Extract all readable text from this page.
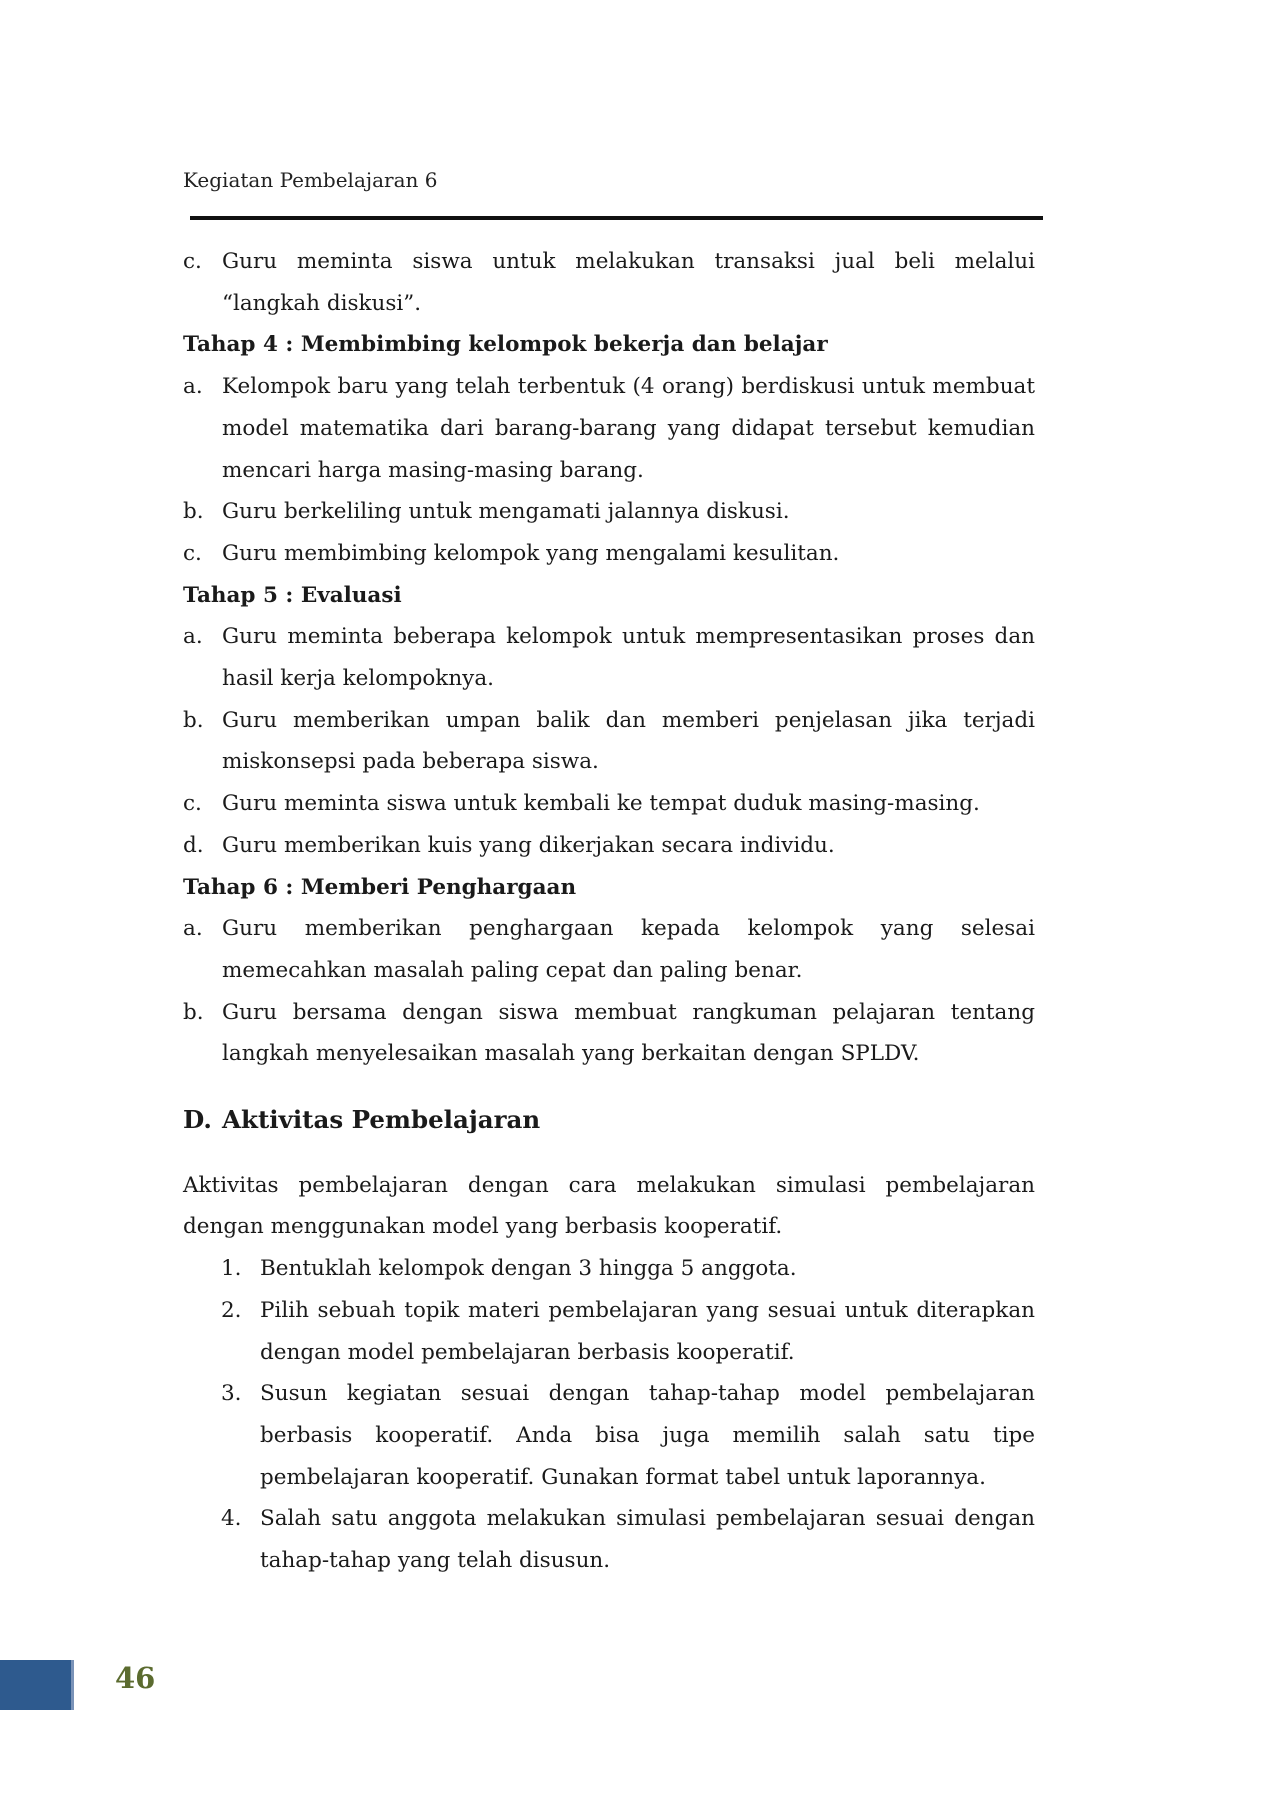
Kegiatan Pembelajaran 6
c. Guru meminta siswa untuk melakukan transaksi jual beli melalui “langkah diskusi”.
Tahap 4 : Membimbing kelompok bekerja dan belajar
a. Kelompok baru yang telah terbentuk (4 orang) berdiskusi untuk membuat model matematika dari barang-barang yang didapat tersebut kemudian mencari harga masing-masing barang.
b. Guru berkeliling untuk mengamati jalannya diskusi.
c. Guru membimbing kelompok yang mengalami kesulitan.
Tahap 5 : Evaluasi
a. Guru meminta beberapa kelompok untuk mempresentasikan proses dan hasil kerja kelompoknya.
b. Guru memberikan umpan balik dan memberi penjelasan jika terjadi miskonsepsi pada beberapa siswa.
c. Guru meminta siswa untuk kembali ke tempat duduk masing-masing.
d. Guru memberikan kuis yang dikerjakan secara individu.
Tahap 6 : Memberi Penghargaan
a. Guru memberikan penghargaan kepada kelompok yang selesai memecahkan masalah paling cepat dan paling benar.
b. Guru bersama dengan siswa membuat rangkuman pelajaran tentang langkah menyelesaikan masalah yang berkaitan dengan SPLDV.
D. Aktivitas Pembelajaran
Aktivitas pembelajaran dengan cara melakukan simulasi pembelajaran dengan menggunakan model yang berbasis kooperatif.
1. Bentuklah kelompok dengan 3 hingga 5 anggota.
2. Pilih sebuah topik materi pembelajaran yang sesuai untuk diterapkan dengan model pembelajaran berbasis kooperatif.
3. Susun kegiatan sesuai dengan tahap-tahap model pembelajaran berbasis kooperatif. Anda bisa juga memilih salah satu tipe pembelajaran kooperatif. Gunakan format tabel untuk laporannya.
4. Salah satu anggota melakukan simulasi pembelajaran sesuai dengan tahap-tahap yang telah disusun.
46
